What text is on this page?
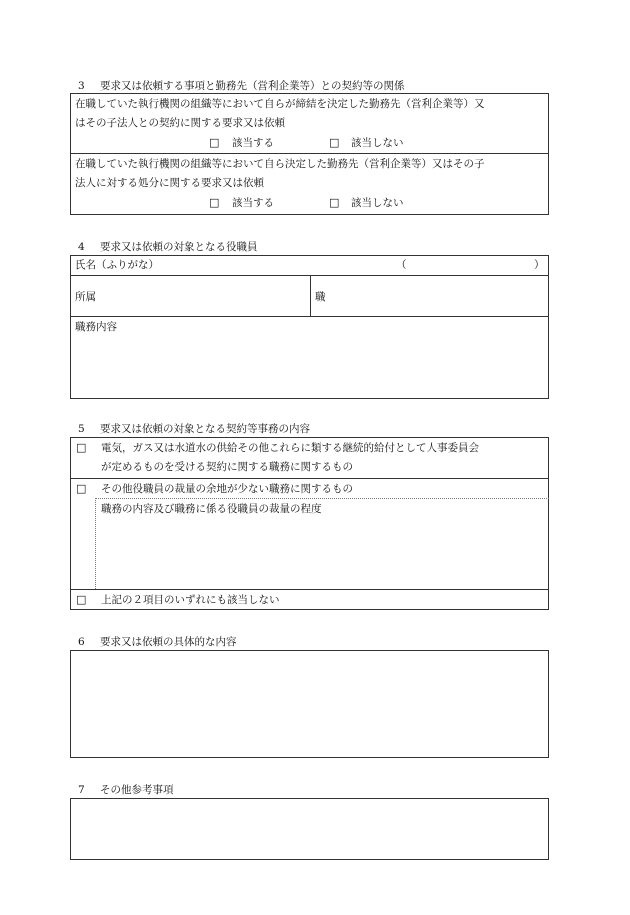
3 要求又は依頼する事項と勤務先（営利企業等）との契約等の関係
在職していた執行機関の組織等において自らが締結を決定した勤務先（営利企業等）又
はその子法人との契約に関する要求又は依頼
□ 該当する	□ 該当しない
在職していた執行機関の組織等において自ら決定した勤務先（営利企業等）又はその子
法人に対する処分に関する要求又は依頼
□ 該当する	□ 該当しない
4 要求又は依頼の対象となる役職員
氏名（ふりがな）	（	）
所属	職
職務内容
5 要求又は依頼の対象となる契約等事務の内容
□ 電気，ガス又は水道水の供給その他これらに類する継続的給付として人事委員会
が定めるものを受ける契約に関する職務に関するもの
□ その他役職員の裁量の余地が少ない職務に関するもの
職務の内容及び職務に係る役職員の裁量の程度
□ 上記の２項目のいずれにも該当しない
6 要求又は依頼の具体的な内容
7 その他参考事項
